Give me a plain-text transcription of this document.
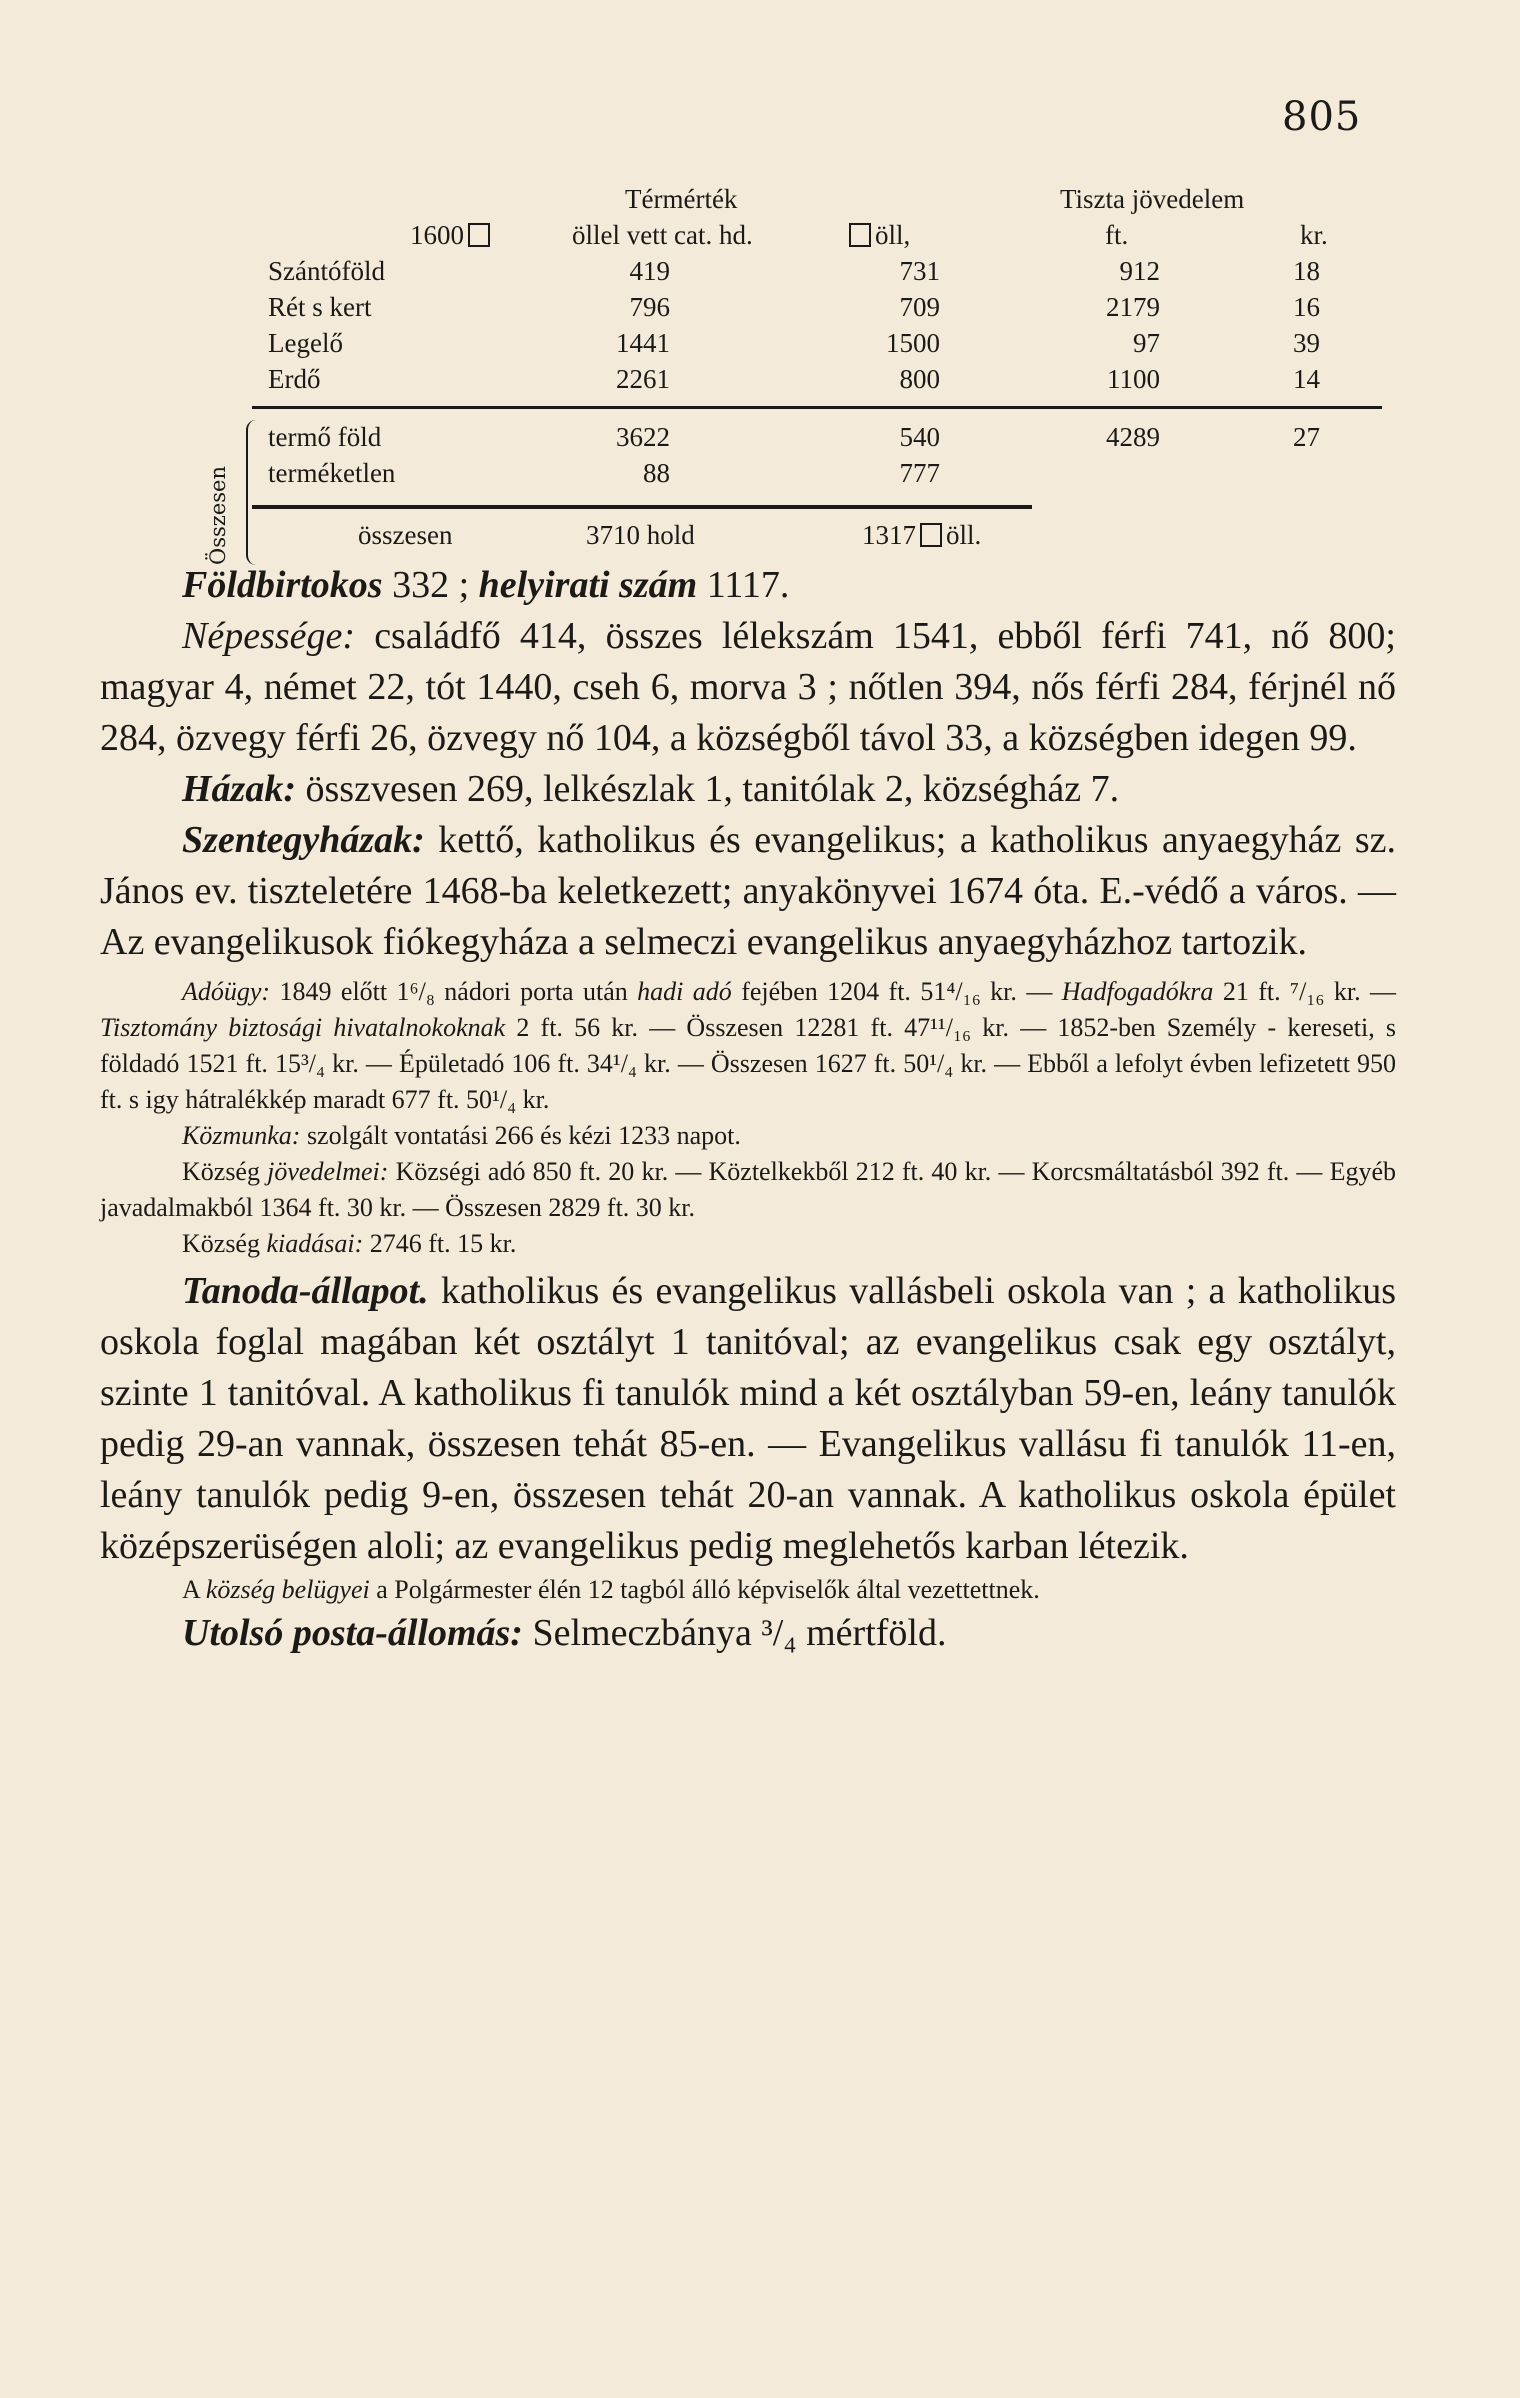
805
Térmérték	Tiszta jövedelem
1600	öllel vett cat. hd.	öll,	ft.	kr.
Szántóföld	419	731	912	18
Rét s kert	796	709	2179	16
Legelő	1441	1500	97	39
Erdő	2261	800	1100	14
termő föld	3622	540	4289	27
terméketlen	88	777
összesen	3710 hold	1317 öll.
Összesen

Földbirtokos 332 ; helyirati szám 1117.

Népessége: családfő 414, összes lélekszám 1541, ebből férfi 741, nő 800; magyar 4, német 22, tót 1440, cseh 6, morva 3 ; nőtlen 394, nős férfi 284, férjnél nő 284, özvegy férfi 26, özvegy nő 104, a községből távol 33, a községben idegen 99.

Házak: összvesen 269, lelkészlak 1, tanitólak 2, községház 7.

Szentegyházak: kettő, katholikus és evangelikus; a katholikus anyaegyház sz. János ev. tiszteletére 1468-ba keletkezett; anyakönyvei 1674 óta. E.-védő a város. — Az evangelikusok fiókegyháza a selmeczi evangelikus anyaegyházhoz tartozik.

Adóügy: 1849 előtt 1⁶/₈ nádori porta után hadi adó fejében 1204 ft. 51⁴/₁₆ kr. — Hadfogadókra 21 ft. ⁷/₁₆ kr. — Tisztomány biztosági hivatalnokoknak 2 ft. 56 kr. — Összesen 12281 ft. 47¹¹/₁₆ kr. — 1852-ben Személy - kereseti, s földadó 1521 ft. 15³/₄ kr. — Épületadó 106 ft. 34¹/₄ kr. — Összesen 1627 ft. 50¹/₄ kr. — Ebből a lefolyt évben lefizetett 950 ft. s igy hátralékkép maradt 677 ft. 50¹/₄ kr.

Közmunka: szolgált vontatási 266 és kézi 1233 napot.

Község jövedelmei: Községi adó 850 ft. 20 kr. — Köztelkekből 212 ft. 40 kr. — Korcsmáltatásból 392 ft. — Egyéb javadalmakból 1364 ft. 30 kr. — Összesen 2829 ft. 30 kr.

Község kiadásai: 2746 ft. 15 kr.

Tanoda-állapot. katholikus és evangelikus vallásbeli oskola van ; a katholikus oskola foglal magában két osztályt 1 tanitóval; az evangelikus csak egy osztályt, szinte 1 tanitóval. A katholikus fi tanulók mind a két osztályban 59-en, leány tanulók pedig 29-an vannak, összesen tehát 85-en. — Evangelikus vallásu fi tanulók 11-en, leány tanulók pedig 9-en, összesen tehát 20-an vannak. A katholikus oskola épület középszerüségen aloli; az evangelikus pedig meglehetős karban létezik.

A község belügyei a Polgármester élén 12 tagból álló képviselők által vezettettnek.

Utolsó posta-állomás: Selmeczbánya ³/₄ mértföld.
